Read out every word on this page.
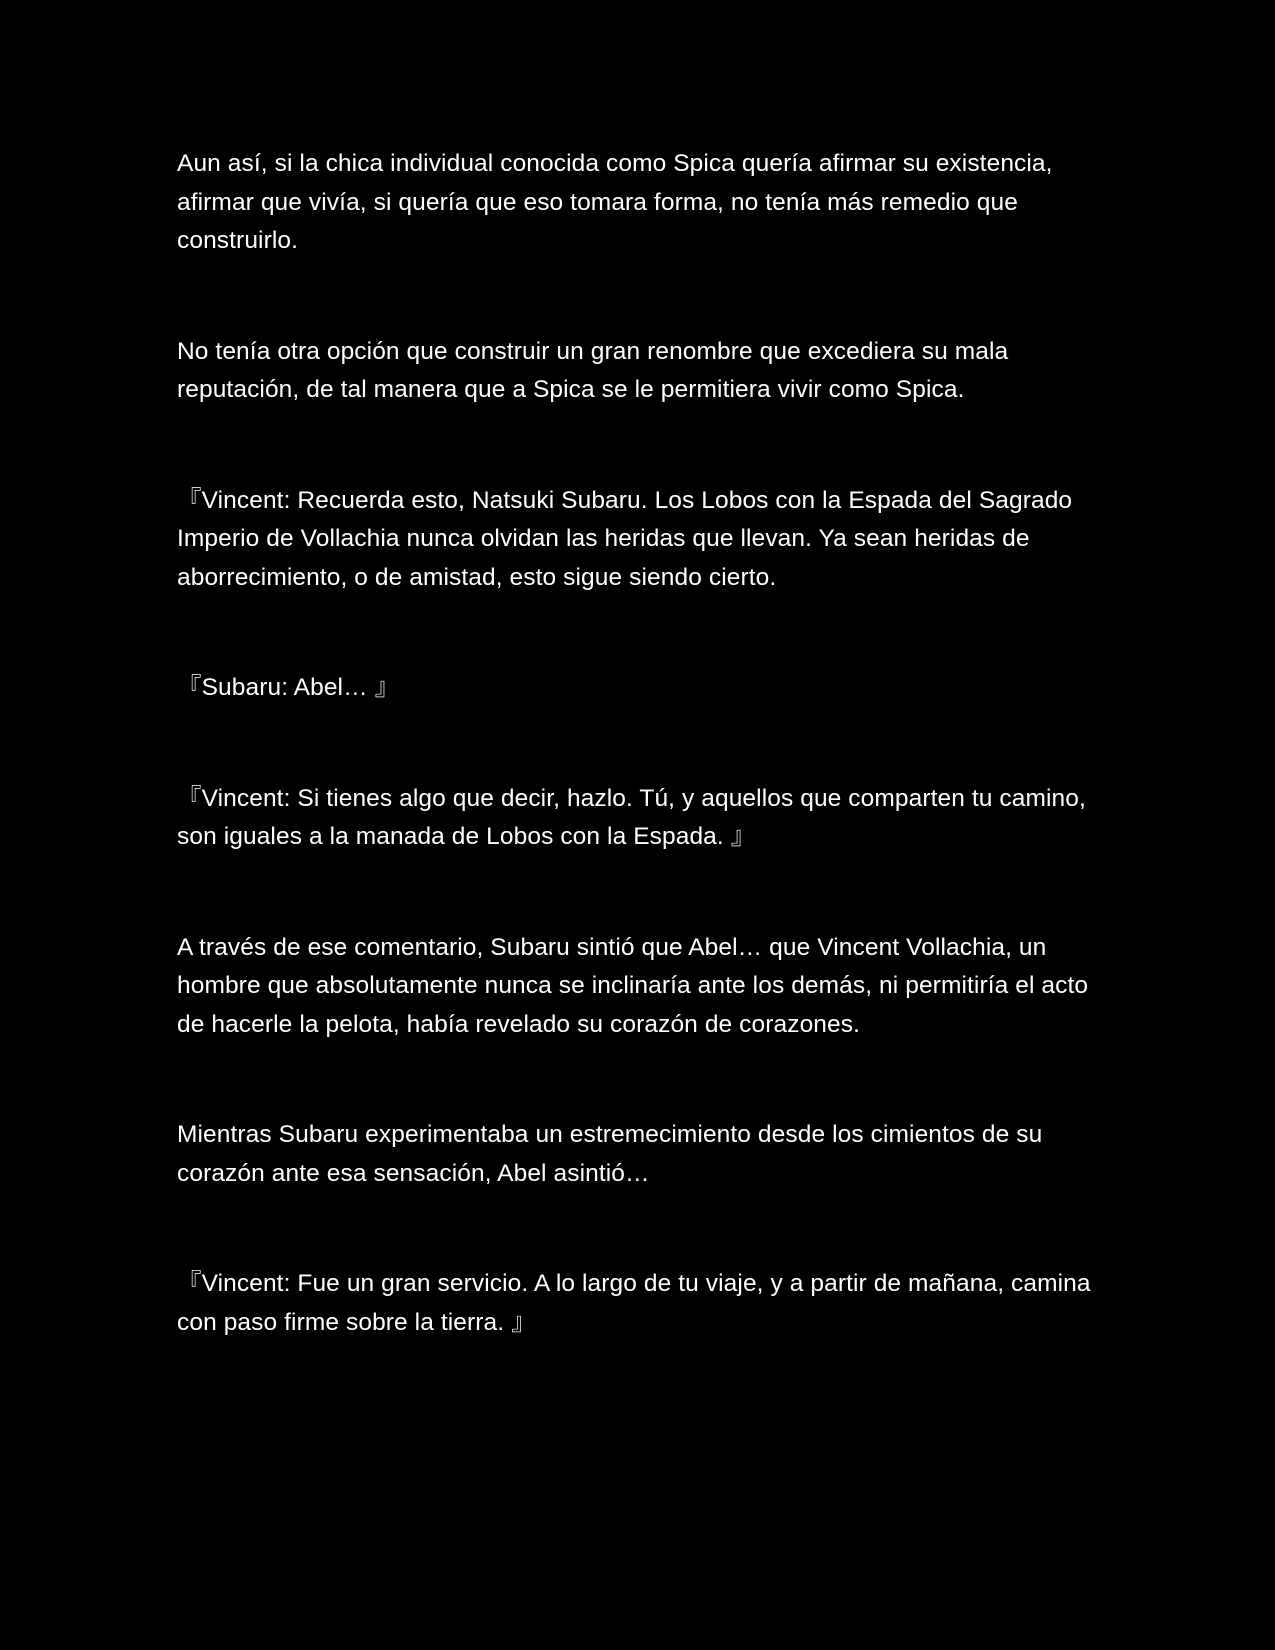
Aun así, si la chica individual conocida como Spica quería afirmar su existencia, afirmar que vivía, si quería que eso tomara forma, no tenía más remedio que construirlo.

No tenía otra opción que construir un gran renombre que excediera su mala reputación, de tal manera que a Spica se le permitiera vivir como Spica.

『Vincent: Recuerda esto, Natsuki Subaru. Los Lobos con la Espada del Sagrado Imperio de Vollachia nunca olvidan las heridas que llevan. Ya sean heridas de aborrecimiento, o de amistad, esto sigue siendo cierto.

『Subaru: Abel… 』

『Vincent: Si tienes algo que decir, hazlo. Tú, y aquellos que comparten tu camino, son iguales a la manada de Lobos con la Espada. 』

A través de ese comentario, Subaru sintió que Abel… que Vincent Vollachia, un hombre que absolutamente nunca se inclinaría ante los demás, ni permitiría el acto de hacerle la pelota, había revelado su corazón de corazones.

Mientras Subaru experimentaba un estremecimiento desde los cimientos de su corazón ante esa sensación, Abel asintió…

『Vincent: Fue un gran servicio. A lo largo de tu viaje, y a partir de mañana, camina con paso firme sobre la tierra. 』
